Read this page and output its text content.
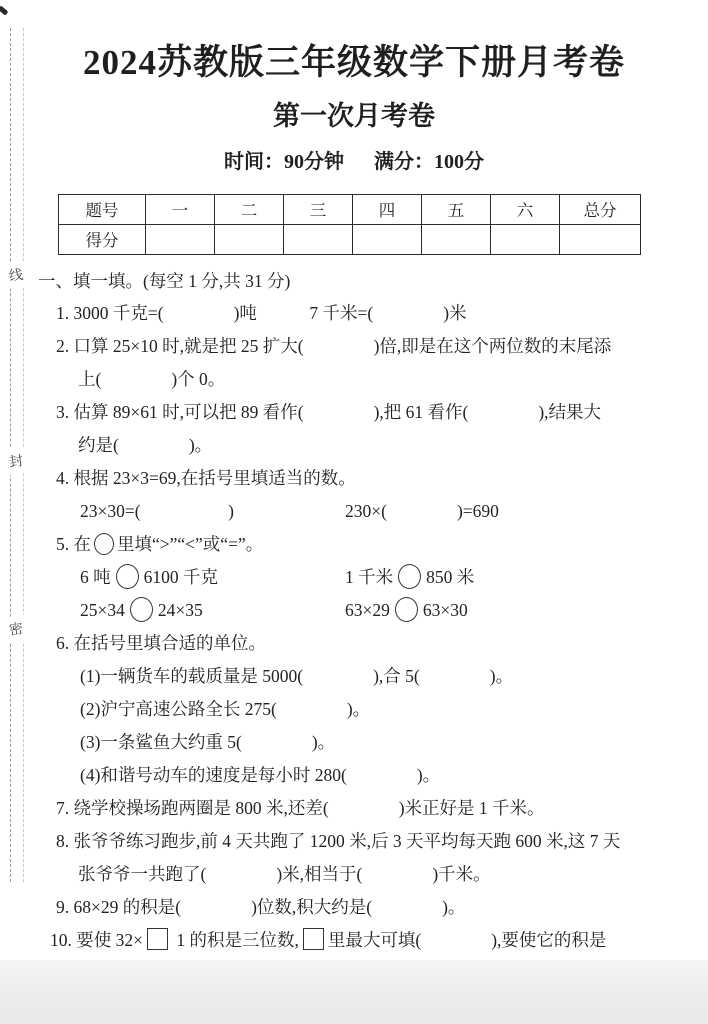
线
封
密
2024苏教版三年级数学下册月考卷
第一次月考卷
时间：90分钟 满分：100分
题号	一	二	三	四	五	六	总分
得分							
一、填一填。(每空 1 分,共 31 分)
1. 3000 千克=(　　　　)吨　　　7 千米=(　　　　)米
2. 口算 25×10 时,就是把 25 扩大(　　　　)倍,即是在这个两位数的末尾添
上(　　　　)个 0。
3. 估算 89×61 时,可以把 89 看作(　　　　),把 61 看作(　　　　),结果大
约是(　　　　)。
4. 根据 23×3=69,在括号里填适当的数。
23×30=(　　　　　)	230×(　　　　)=690
5. 在 里填“>”“<”或“=”。
6 吨 6100 千克	1 千米 850 米
25×34 24×35	63×29 63×30
6. 在括号里填合适的单位。
(1)一辆货车的载质量是 5000(　　　　),合 5(　　　　)。
(2)沪宁高速公路全长 275(　　　　)。
(3)一条鲨鱼大约重 5(　　　　)。
(4)和谐号动车的速度是每小时 280(　　　　)。
7. 绕学校操场跑两圈是 800 米,还差(　　　　)米正好是 1 千米。
8. 张爷爷练习跑步,前 4 天共跑了 1200 米,后 3 天平均每天跑 600 米,这 7 天
张爷爷一共跑了(　　　　)米,相当于(　　　　)千米。
9. 68×29 的积是(　　　　)位数,积大约是(　　　　)。
10. 要使 32× 1 的积是三位数, 里最大可填(　　　　),要使它的积是
